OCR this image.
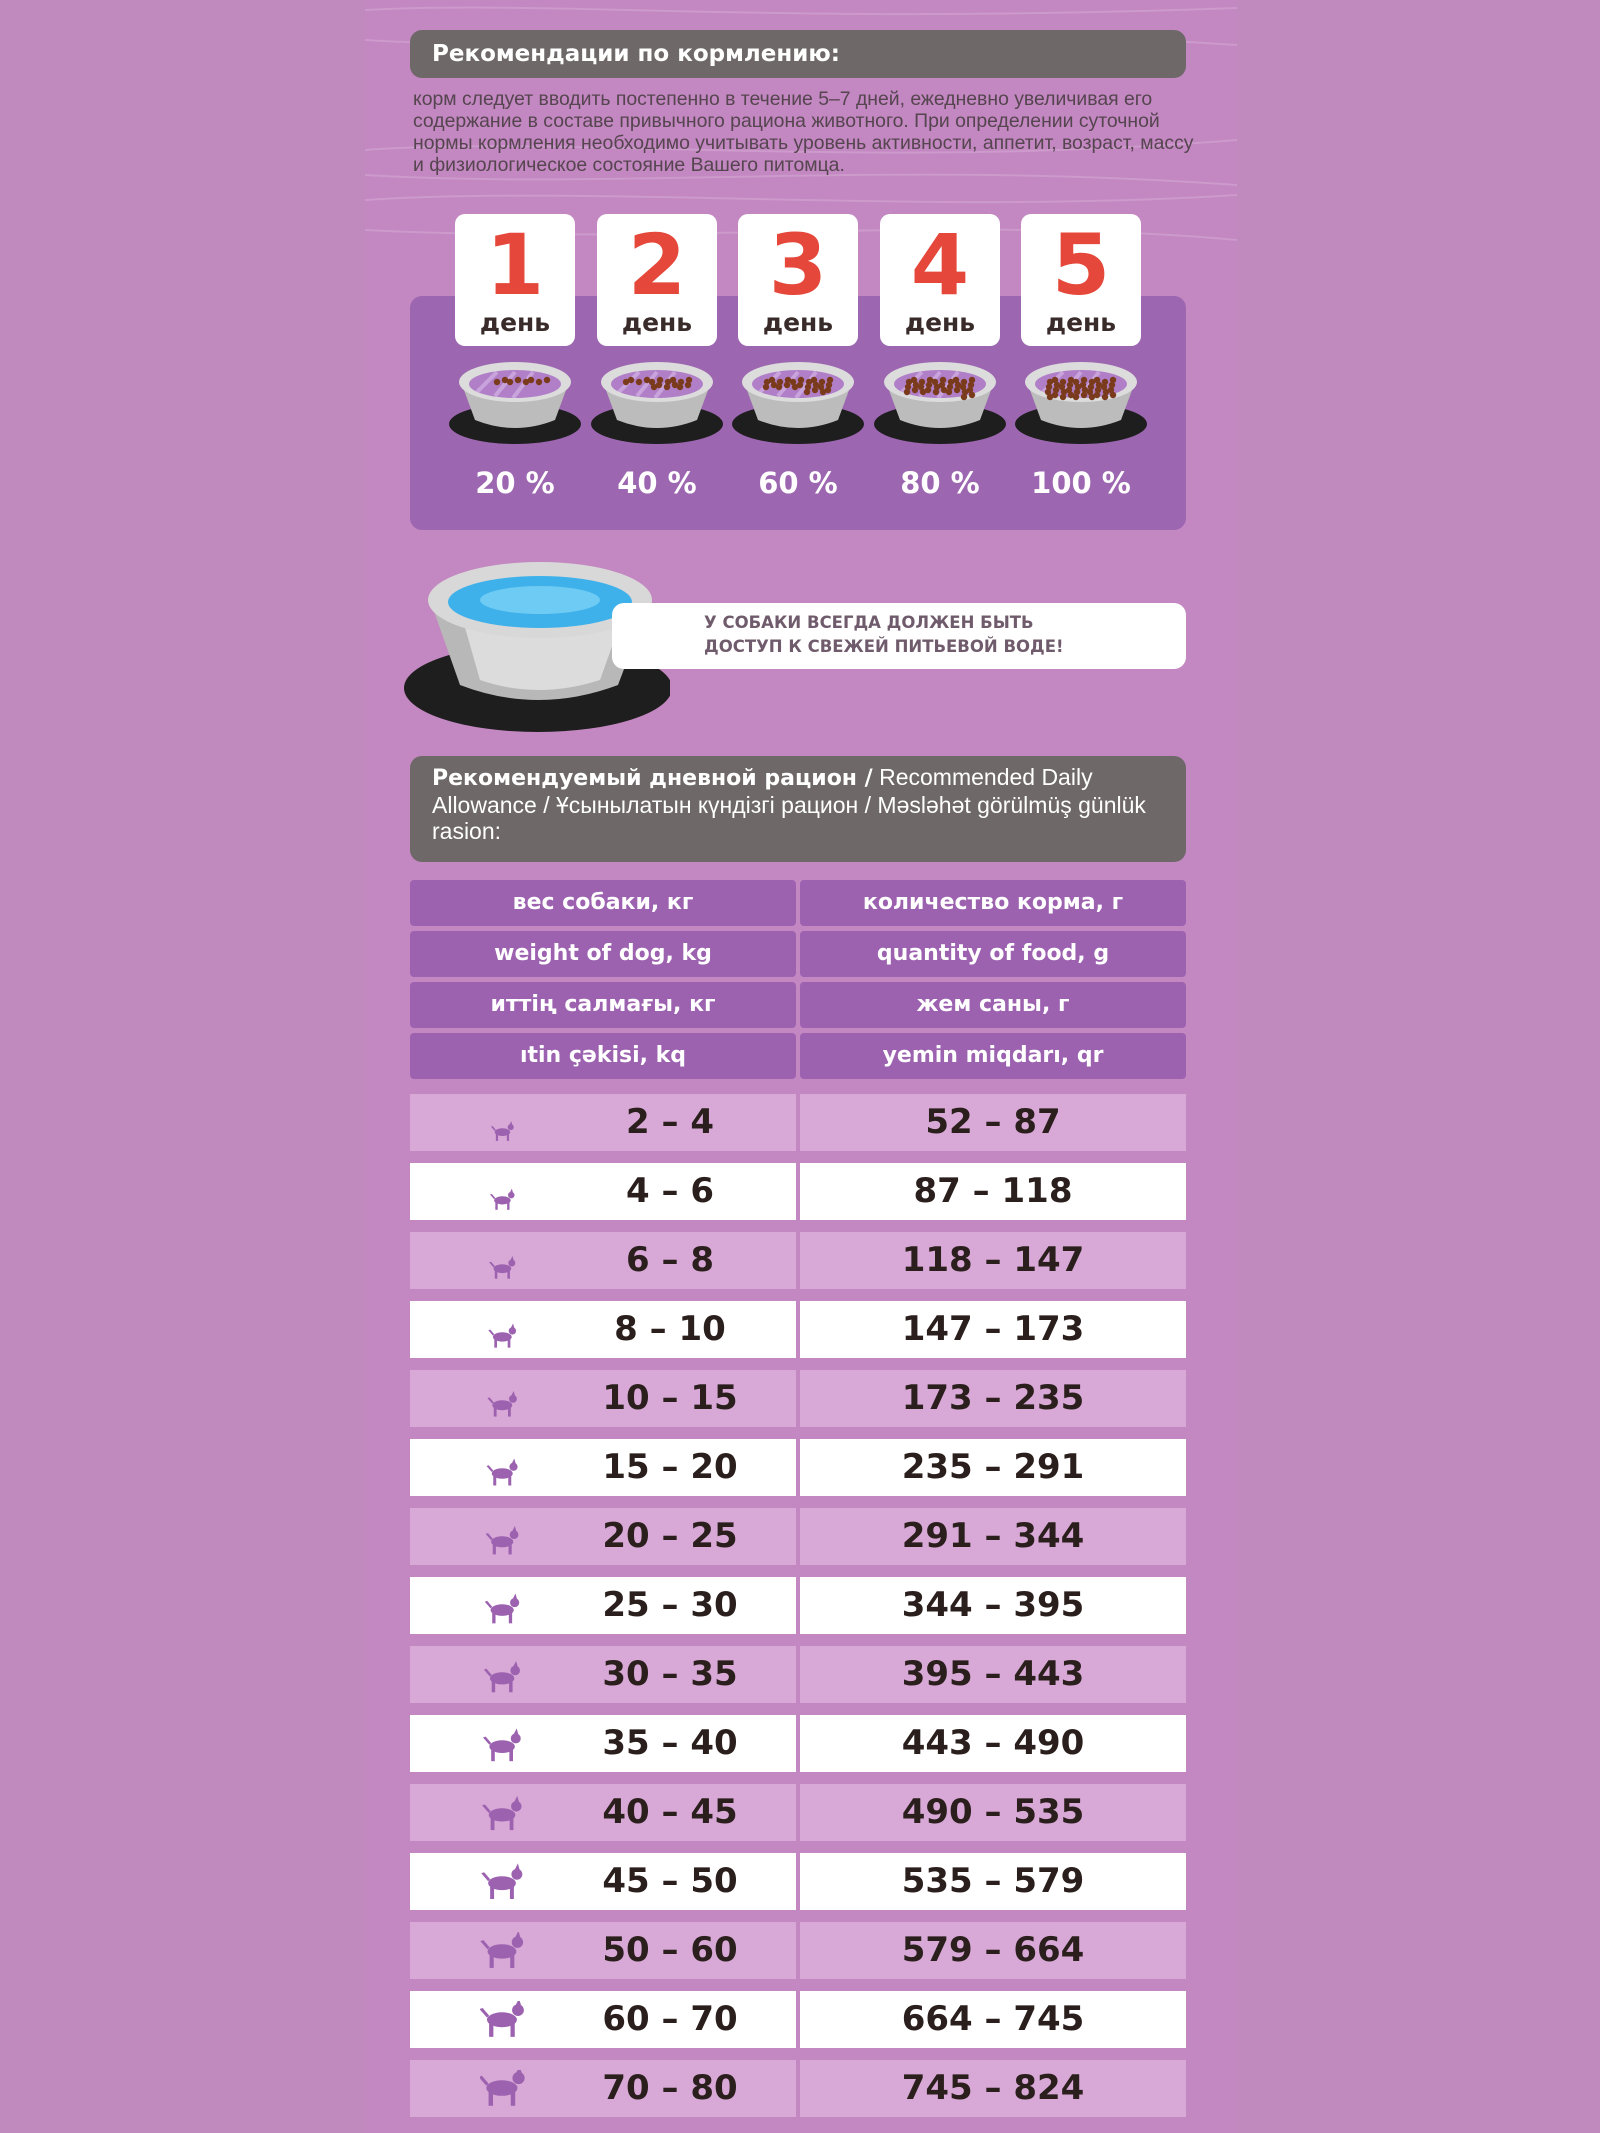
Рекомендации по кормлению:
корм следует вводить постепенно в течение 5–7 дней, ежедневно увеличивая его содержание в составе привычного рациона животного. При определении суточной нормы кормления необходимо учитывать уровень активности, аппетит, возраст, массу и физиологическое состояние Вашего питомца.
1
день
20 %
2
день
40 %
3
день
60 %
4
день
80 %
5
день
100 %
У СОБАКИ ВСЕГДА ДОЛЖЕН БЫТЬ
ДОСТУП К СВЕЖЕЙ ПИТЬЕВОЙ ВОДЕ!
Рекомендуемый дневной рацион / Recommended Daily Allowance / Ұсынылатын күндізгі рацион / Məsləhət görülmüş günlük rasion:
вес собаки, кг	количество корма, г
weight of dog, kg	quantity of food, g
иттің салмағы, кг	жем саны, г
ıtin çəkisi, kq	yemin miqdarı, qr
2 – 4	52 – 87
4 – 6	87 – 118
6 – 8	118 – 147
8 – 10	147 – 173
10 – 15	173 – 235
15 – 20	235 – 291
20 – 25	291 – 344
25 – 30	344 – 395
30 – 35	395 – 443
35 – 40	443 – 490
40 – 45	490 – 535
45 – 50	535 – 579
50 – 60	579 – 664
60 – 70	664 – 745
70 – 80	745 – 824
